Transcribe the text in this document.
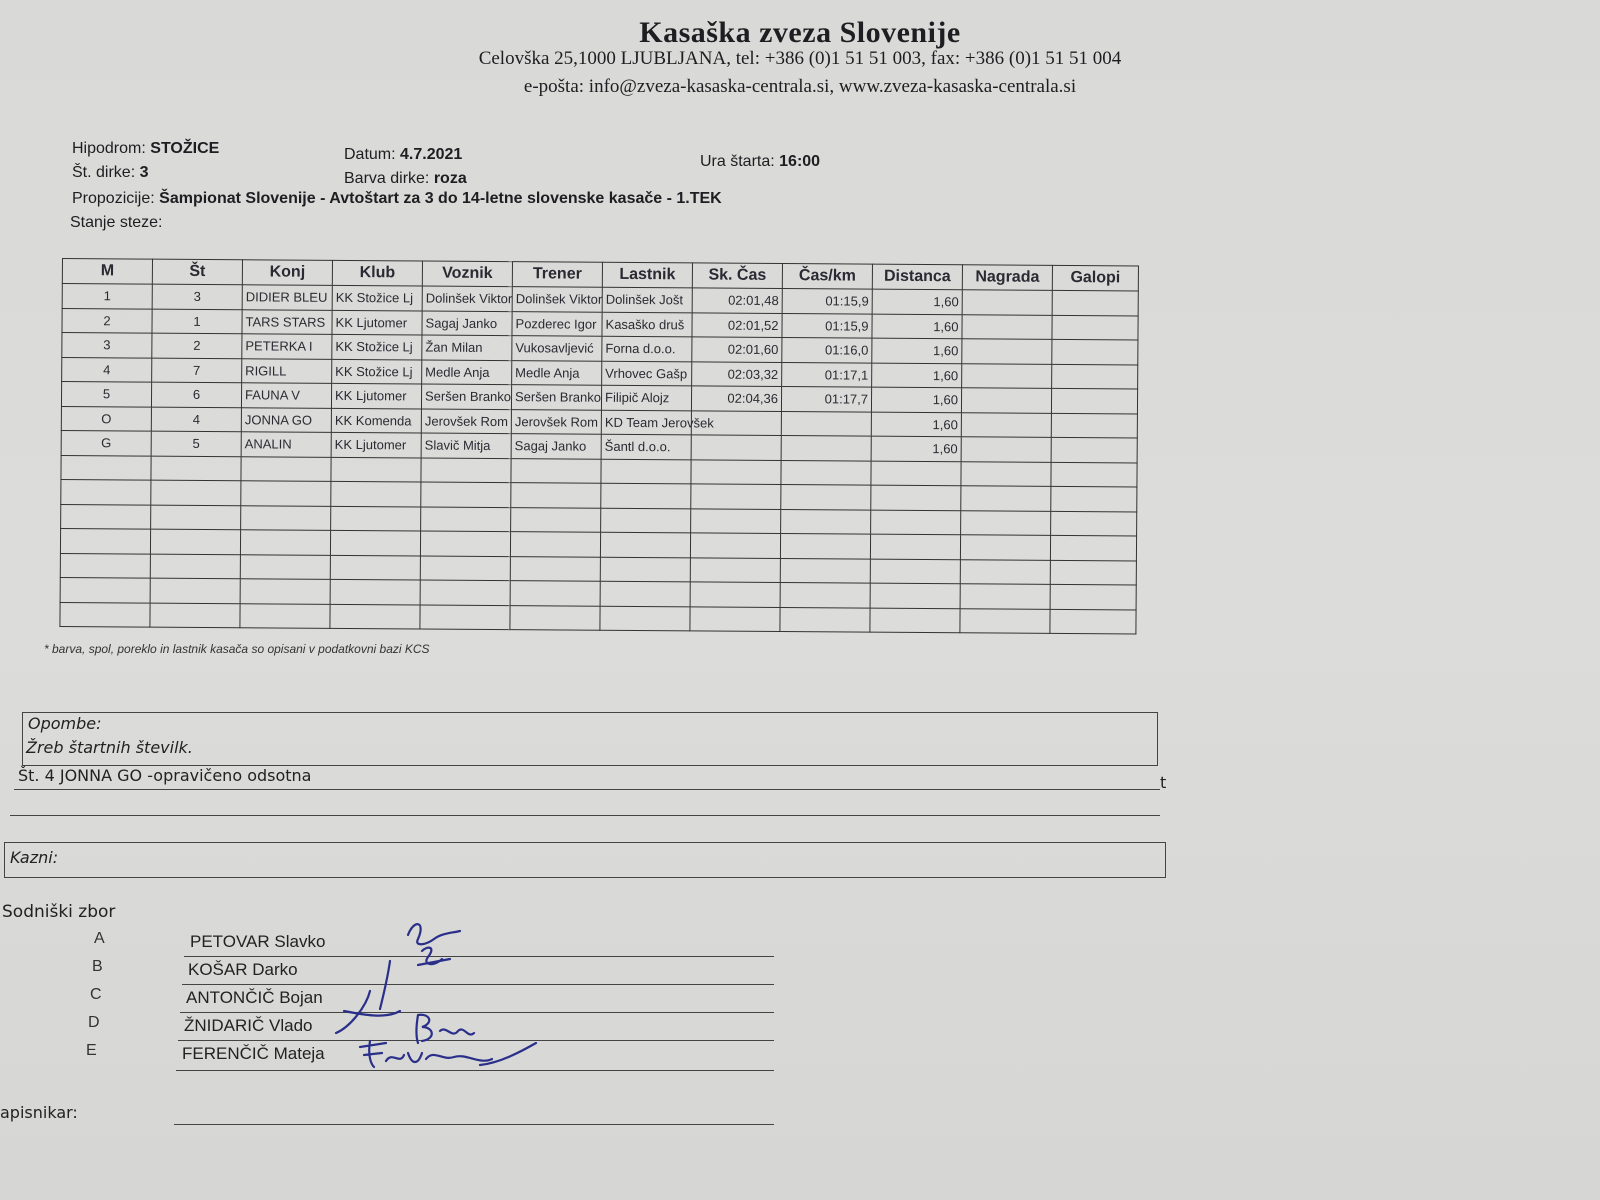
Kasaška zveza Slovenije
Celovška 25,1000 LJUBLJANA, tel: +386 (0)1 51 51 003, fax: +386 (0)1 51 51 004
e-pošta: info@zveza-kasaska-centrala.si, www.zveza-kasaska-centrala.si
Hipodrom: STOŽICE
Št. dirke: 3
Datum: 4.7.2021
Barva dirke: roza
Ura štarta: 16:00
Propozicije: Šampionat Slovenije - Avtoštart za 3 do 14-letne slovenske kasače - 1.TEK
Stanje steze:
M	Št	Konj	Klub	Voznik	Trener	Lastnik	Sk. Čas	Čas/km	Distanca	Nagrada	Galopi
1	3	DIDIER BLEU	KK Stožice Lj	Dolinšek Viktor	Dolinšek Viktor	Dolinšek Jošt	02:01,48	01:15,9	1,60		
2	1	TARS STARS	KK Ljutomer	Sagaj Janko	Pozderec Igor	Kasaško druš	02:01,52	01:15,9	1,60		
3	2	PETERKA I	KK Stožice Lj	Žan Milan	Vukosavljević	Forna d.o.o.	02:01,60	01:16,0	1,60		
4	7	RIGILL	KK Stožice Lj	Medle Anja	Medle Anja	Vrhovec Gašp	02:03,32	01:17,1	1,60		
5	6	FAUNA V	KK Ljutomer	Seršen Branko	Seršen Branko	Filipič Alojz	02:04,36	01:17,7	1,60		
O	4	JONNA GO	KK Komenda	Jerovšek Rom	Jerovšek Rom	KD Team Jerovšek			1,60		
G	5	ANALIN	KK Ljutomer	Slavič Mitja	Sagaj Janko	Šantl d.o.o.			1,60		

* barva, spol, poreklo in lastnik kasača so opisani v podatkovni bazi KCS
Opombe:
Žreb štartnih številk.
Št. 4 JONNA GO -opravičeno odsotna	t
Kazni:
Sodniški zbor
A	PETOVAR Slavko
B	KOŠAR Darko
C	ANTONČIČ Bojan
D	ŽNIDARIČ Vlado
E	FERENČIČ Mateja
apisnikar:
